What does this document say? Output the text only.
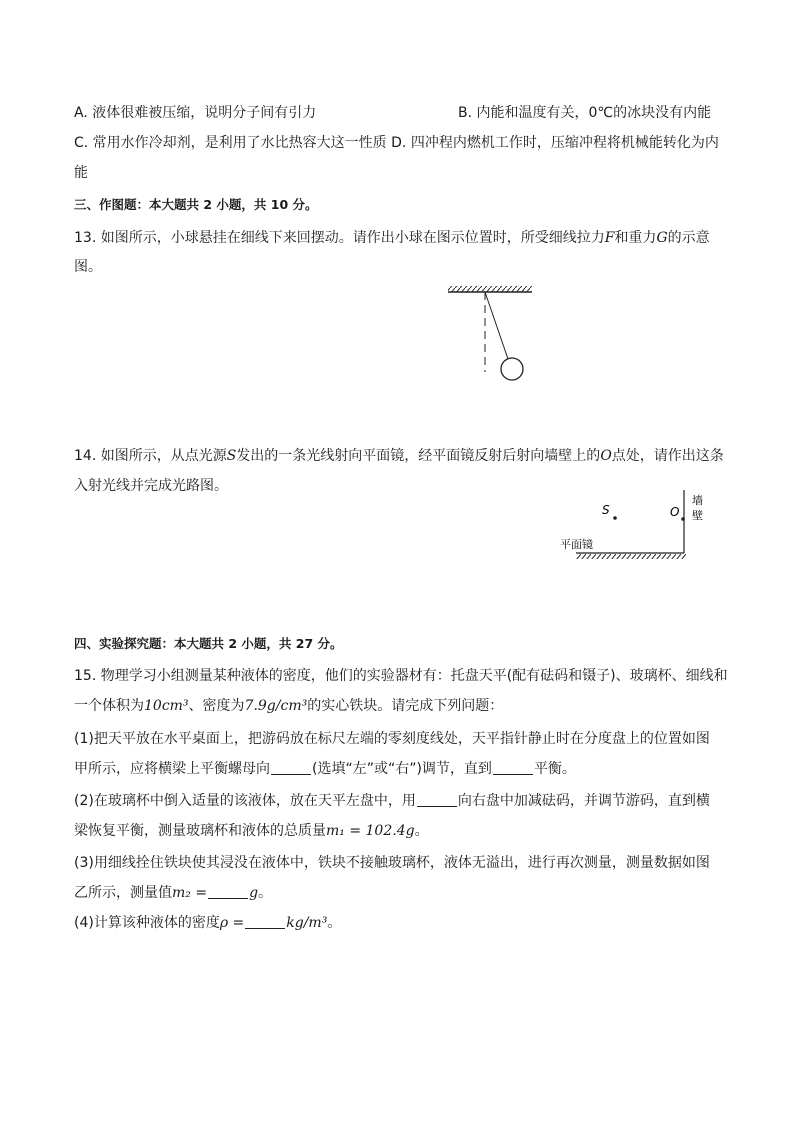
A. 液体很难被压缩，说明分子间有引力	B. 内能和温度有关，0℃的冰块没有内能
C. 常用水作冷却剂，是利用了水比热容大这一性质 D. 四冲程内燃机工作时，压缩冲程将机械能转化为内
能
三、作图题：本大题共 2 小题，共 10 分。
13. 如图所示，小球悬挂在细线下来回摆动。请作出小球在图示位置时，所受细线拉力F和重力G的示意
图。
14. 如图所示，从点光源S发出的一条光线射向平面镜，经平面镜反射后射向墙壁上的O点处，请作出这条
入射光线并完成光路图。
S	O
墙
壁
平面镜
四、实验探究题：本大题共 2 小题，共 27 分。
15. 物理学习小组测量某种液体的密度，他们的实验器材有：托盘天平(配有砝码和镊子)、玻璃杯、细线和
一个体积为10cm³、密度为7.9g/cm³的实心铁块。请完成下列问题：
(1)把天平放在水平桌面上，把游码放在标尺左端的零刻度线处，天平指针静止时在分度盘上的位置如图
甲所示，应将横梁上平衡螺母向	(选填“左”或“右”)调节，直到	平衡。
(2)在玻璃杯中倒入适量的该液体，放在天平左盘中，用	向右盘中加减砝码，并调节游码，直到横
梁恢复平衡，测量玻璃杯和液体的总质量m₁ = 102.4g。
(3)用细线拴住铁块使其浸没在液体中，铁块不接触玻璃杯，液体无溢出，进行再次测量，测量数据如图
乙所示，测量值m₂ =	g。
(4)计算该种液体的密度ρ =	kg/m³。
